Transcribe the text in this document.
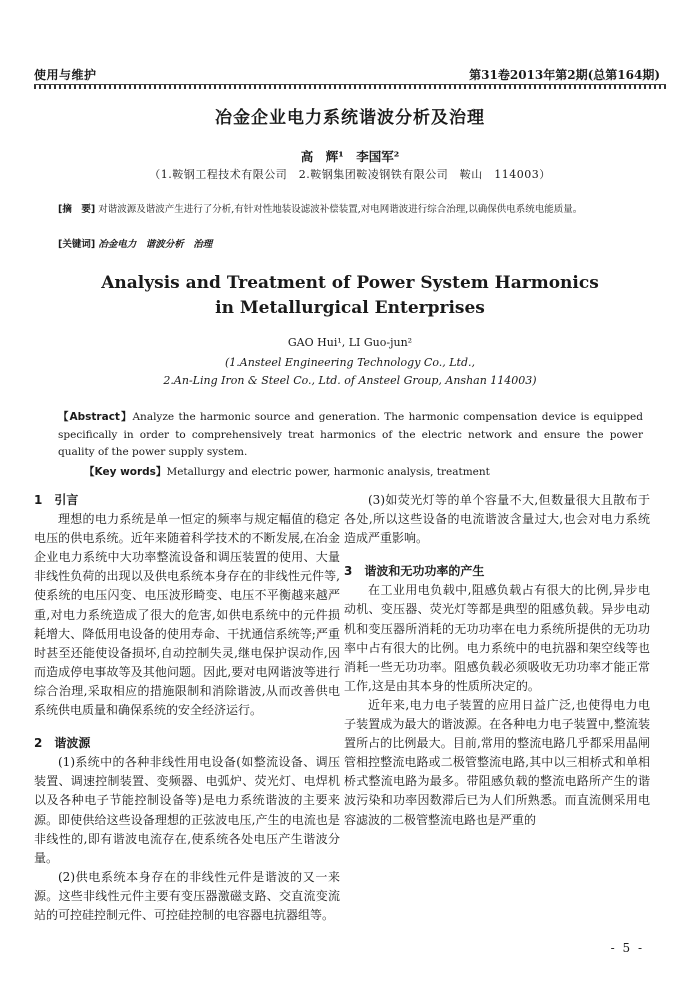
使用与维护	第31卷2013年第2期(总第164期)
冶金企业电力系统谐波分析及治理
高　辉¹　李国军²
（1.鞍钢工程技术有限公司　2.鞍钢集团鞍凌钢铁有限公司　鞍山　114003）
[摘　要] 对谐波源及谐波产生进行了分析,有针对性地装设滤波补偿装置,对电网谐波进行综合治理,以确保供电系统电能质量。
[关键词] 冶金电力　谐波分析　治理
Analysis and Treatment of Power System Harmonics
in Metallurgical Enterprises
GAO Hui¹, LI Guo-jun²
(1.Ansteel Engineering Technology Co., Ltd.,
2.An-Ling Iron & Steel Co., Ltd. of Ansteel Group, Anshan 114003)
【Abstract】Analyze the harmonic source and generation. The harmonic compensation device is equipped specifically in order to comprehensively treat harmonics of the electric network and ensure the power quality of the power supply system.
【Key words】Metallurgy and electric power, harmonic analysis, treatment
1　引言

理想的电力系统是单一恒定的频率与规定幅值的稳定电压的供电系统。近年来随着科学技术的不断发展,在冶金企业电力系统中大功率整流设备和调压装置的使用、大量非线性负荷的出现以及供电系统本身存在的非线性元件等,使系统的电压闪变、电压波形畸变、电压不平衡越来越严重,对电力系统造成了很大的危害,如供电系统中的元件损耗增大、降低用电设备的使用寿命、干扰通信系统等;严重时甚至还能使设备损坏,自动控制失灵,继电保护误动作,因而造成停电事故等及其他问题。因此,要对电网谐波等进行综合治理,采取相应的措施限制和消除谐波,从而改善供电系统供电质量和确保系统的安全经济运行。

2　谐波源

(1)系统中的各种非线性用电设备(如整流设备、调压装置、调速控制装置、变频器、电弧炉、荧光灯、电焊机以及各种电子节能控制设备等)是电力系统谐波的主要来源。即使供给这些设备理想的正弦波电压,产生的电流也是非线性的,即有谐波电流存在,使系统各处电压产生谐波分量。

(2)供电系统本身存在的非线性元件是谐波的又一来源。这些非线性元件主要有变压器激磁支路、交直流变流站的可控硅控制元件、可控硅控制的电容器电抗器组等。

(3)如荧光灯等的单个容量不大,但数量很大且散布于各处,所以这些设备的电流谐波含量过大,也会对电力系统造成严重影响。

3　谐波和无功功率的产生

在工业用电负载中,阻感负载占有很大的比例,异步电动机、变压器、荧光灯等都是典型的阻感负载。异步电动机和变压器所消耗的无功功率在电力系统所提供的无功功率中占有很大的比例。电力系统中的电抗器和架空线等也消耗一些无功功率。阻感负载必须吸收无功功率才能正常工作,这是由其本身的性质所决定的。

近年来,电力电子装置的应用日益广泛,也使得电力电子装置成为最大的谐波源。在各种电力电子装置中,整流装置所占的比例最大。目前,常用的整流电路几乎都采用晶闸管相控整流电路或二极管整流电路,其中以三相桥式和单相桥式整流电路为最多。带阻感负载的整流电路所产生的谐波污染和功率因数滞后已为人们所熟悉。而直流侧采用电容滤波的二极管整流电路也是严重的

- 5 -
